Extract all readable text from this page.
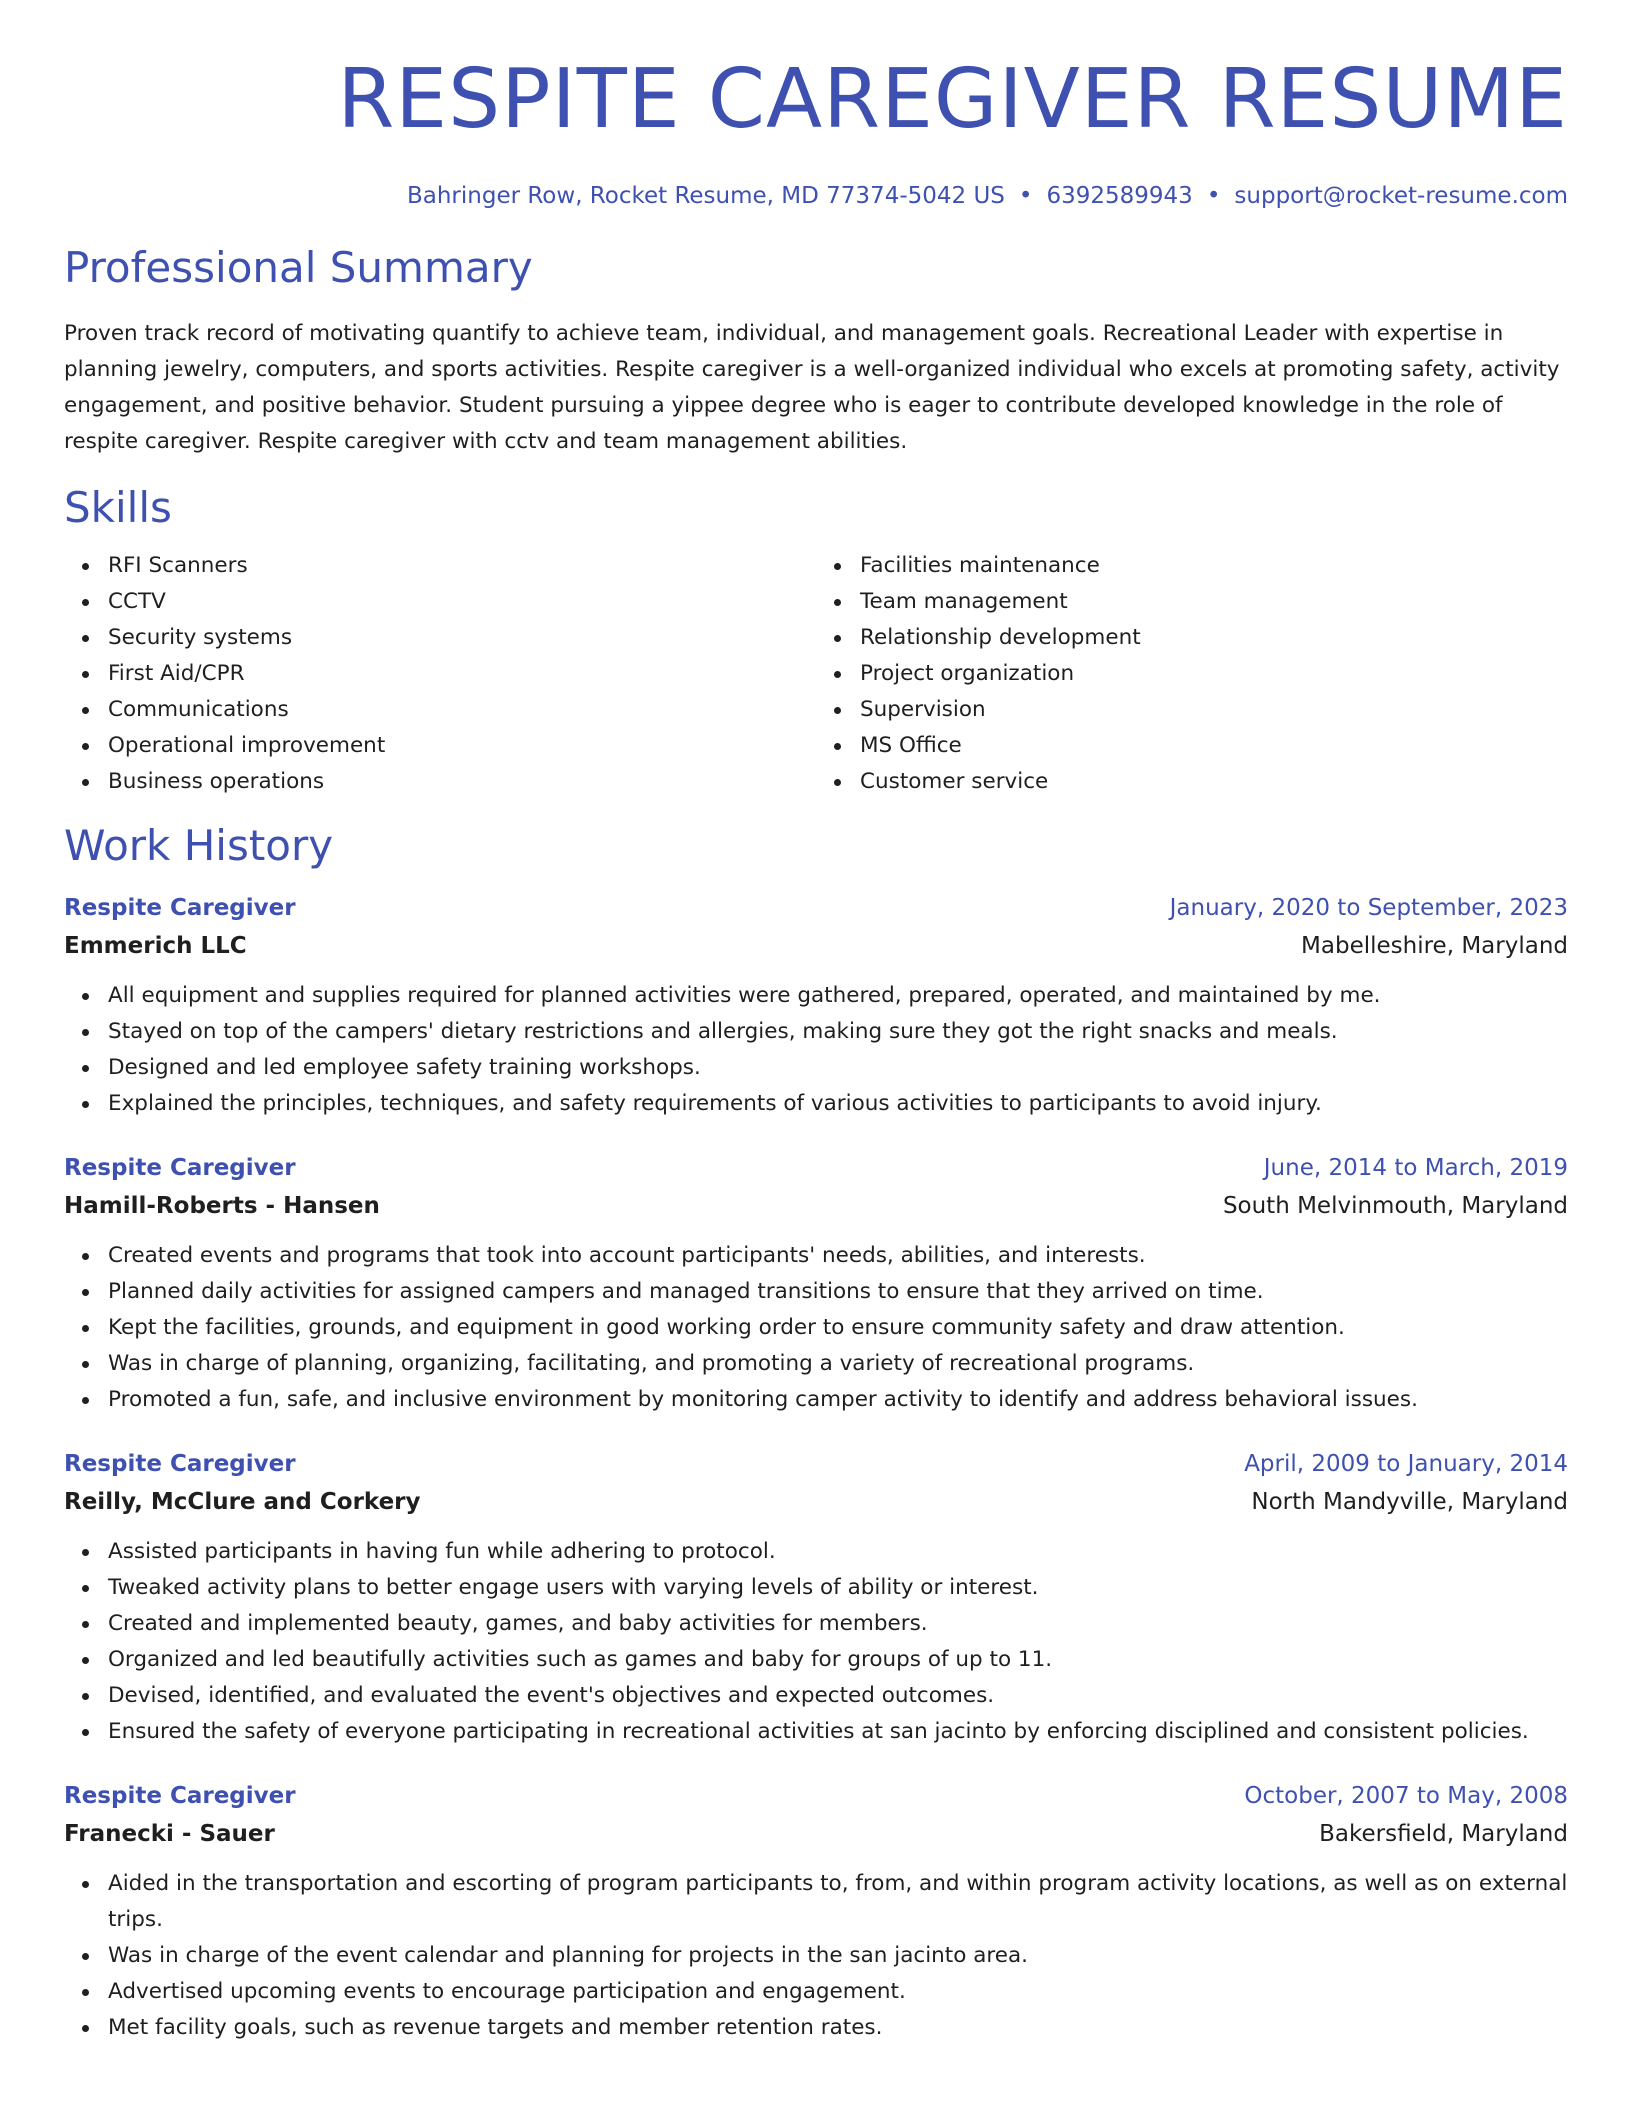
RESPITE CAREGIVER RESUME
Bahringer Row, Rocket Resume, MD 77374-5042 US • 6392589943 • support@rocket-resume.com
Professional Summary

Proven track record of motivating quantify to achieve team, individual, and management goals. Recreational Leader with expertise in planning jewelry, computers, and sports activities. Respite caregiver is a well-organized individual who excels at promoting safety, activity engagement, and positive behavior. Student pursuing a yippee degree who is eager to contribute developed knowledge in the role of respite caregiver. Respite caregiver with cctv and team management abilities.

Skills
RFI Scanners
CCTV
Security systems
First Aid/CPR
Communications
Operational improvement
Business operations
Facilities maintenance
Team management
Relationship development
Project organization
Supervision
MS Office
Customer service
Work History
Respite Caregiver	January, 2020 to September, 2023
Emmerich LLC	Mabelleshire, Maryland
All equipment and supplies required for planned activities were gathered, prepared, operated, and maintained by me.
Stayed on top of the campers' dietary restrictions and allergies, making sure they got the right snacks and meals.
Designed and led employee safety training workshops.
Explained the principles, techniques, and safety requirements of various activities to participants to avoid injury.
Respite Caregiver	June, 2014 to March, 2019
Hamill-Roberts - Hansen	South Melvinmouth, Maryland
Created events and programs that took into account participants' needs, abilities, and interests.
Planned daily activities for assigned campers and managed transitions to ensure that they arrived on time.
Kept the facilities, grounds, and equipment in good working order to ensure community safety and draw attention.
Was in charge of planning, organizing, facilitating, and promoting a variety of recreational programs.
Promoted a fun, safe, and inclusive environment by monitoring camper activity to identify and address behavioral issues.
Respite Caregiver	April, 2009 to January, 2014
Reilly, McClure and Corkery	North Mandyville, Maryland
Assisted participants in having fun while adhering to protocol.
Tweaked activity plans to better engage users with varying levels of ability or interest.
Created and implemented beauty, games, and baby activities for members.
Organized and led beautifully activities such as games and baby for groups of up to 11.
Devised, identified, and evaluated the event's objectives and expected outcomes.
Ensured the safety of everyone participating in recreational activities at san jacinto by enforcing disciplined and consistent policies.
Respite Caregiver	October, 2007 to May, 2008
Franecki - Sauer	Bakersfield, Maryland
Aided in the transportation and escorting of program participants to, from, and within program activity locations, as well as on external trips.
Was in charge of the event calendar and planning for projects in the san jacinto area.
Advertised upcoming events to encourage participation and engagement.
Met facility goals, such as revenue targets and member retention rates.
